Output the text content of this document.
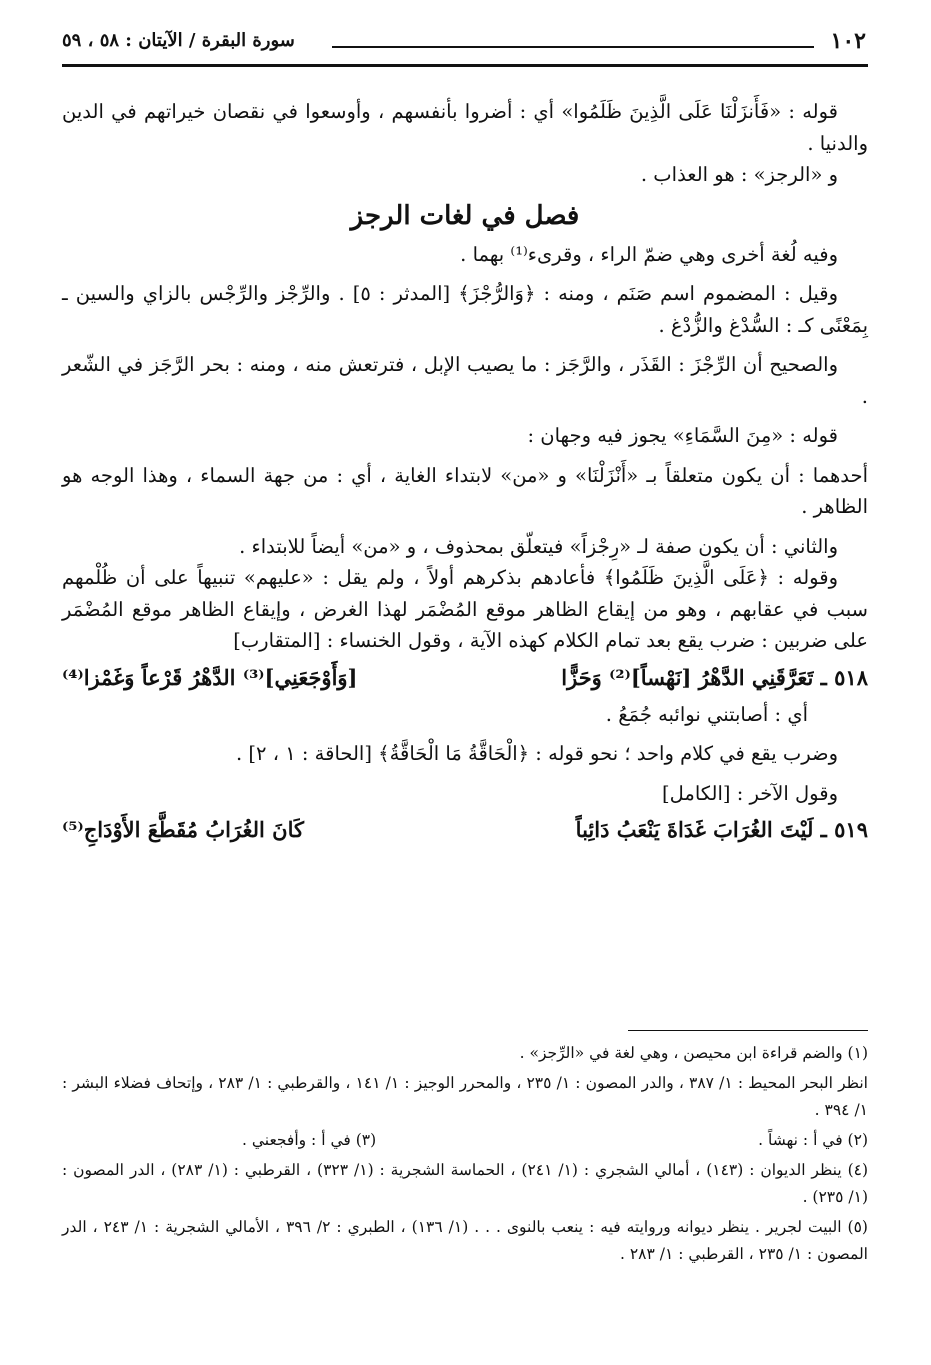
سورة البقرة / الآيتان : ٥٨ ، ٥٩	١٠٢

قوله : «فَأَنزَلْنَا عَلَى الَّذِينَ ظَلَمُوا» أي : أضروا بأنفسهم ، وأوسعوا في نقصان خيراتهم في الدين والدنيا .

و «الرجز» : هو العذاب .

فصل في لغات الرجز

وفيه لُغة أخرى وهي ضمّ الراء ، وقرىء⁽¹⁾ بهما .

وقيل : المضموم اسم صَنَم ، ومنه : ﴿وَالرُّجْزَ﴾ [المدثر : ٥] . والرِّجْز والرِّجْس بالزاي والسين ـ بِمَعْنًى كـ : السُّدْغ والزُّدْغ .

والصحيح أن الرِّجْزَ : القَذَر ، والرَّجَز : ما يصيب الإبل ، فترتعش منه ، ومنه : بحر الرَّجَز في الشّعر .

قوله : «مِنَ السَّمَاءِ» يجوز فيه وجهان :

أحدهما : أن يكون متعلقاً بـ «أَنْزَلْنَا» و «من» لابتداء الغاية ، أي : من جهة السماء ، وهذا الوجه هو الظاهر .

والثاني : أن يكون صفة لـ «رِجْزاً» فيتعلّق بمحذوف ، و «من» أيضاً للابتداء .

وقوله : ﴿عَلَى الَّذِينَ ظَلَمُوا﴾ فأعادهم بذكرهم أولاً ، ولم يقل : «عليهم» تنبيهاً على أن ظُلْمهم سبب في عقابهم ، وهو من إيقاع الظاهر موقع المُضْمَر لهذا الغرض ، وإيقاع الظاهر موقع المُضْمَر على ضربين : ضرب يقع بعد تمام الكلام كهذه الآية ، وقول الخنساء : [المتقارب]

٥١٨ ـ تَعَرَّقَنِي الدَّهْرُ [نَهْساً]⁽²⁾ وَحَزًّا
[وَأَوْجَعَنِي]⁽³⁾ الدَّهْرُ قَرْعاً وَغَمْزا⁽⁴⁾

أي : أصابتني نوائبه جُمَعُ .

وضرب يقع في كلام واحد ؛ نحو قوله : ﴿الْحَاقَّةُ مَا الْحَاقَّةُ﴾ [الحاقة : ١ ، ٢] .

وقول الآخر : [الكامل]

٥١٩ ـ لَيْتَ الغُرَابَ غَدَاةَ يَنْعَبُ دَائِباً
كَانَ الغُرَابُ مُقَطَّعَ الأَوْدَاجِ⁽⁵⁾

(١) والضم قراءة ابن محيصن ، وهي لغة في «الرِّجز» .

انظر البحر المحيط : ١/ ٣٨٧ ، والدر المصون : ١/ ٢٣٥ ، والمحرر الوجيز : ١/ ١٤١ ، والقرطبي : ١/ ٢٨٣ ، وإتحاف فضلاء البشر : ١/ ٣٩٤ .

(٢) في أ : نهشاً .
(٣) في أ : وأفجعني .

(٤) ينظر الديوان : (١٤٣) ، أمالي الشجري : (١/ ٢٤١) ، الحماسة الشجرية : (١/ ٣٢٣) ، القرطبي : (١/ ٢٨٣) ، الدر المصون : (١/ ٢٣٥) .

(٥) البيت لجرير . ينظر ديوانه وروايته فيه : ينعب بالنوى . . . (١/ ١٣٦) ، الطبري : ٢/ ٣٩٦ ، الأمالي الشجرية : ١/ ٢٤٣ ، الدر المصون : ١/ ٢٣٥ ، القرطبي : ١/ ٢٨٣ .
